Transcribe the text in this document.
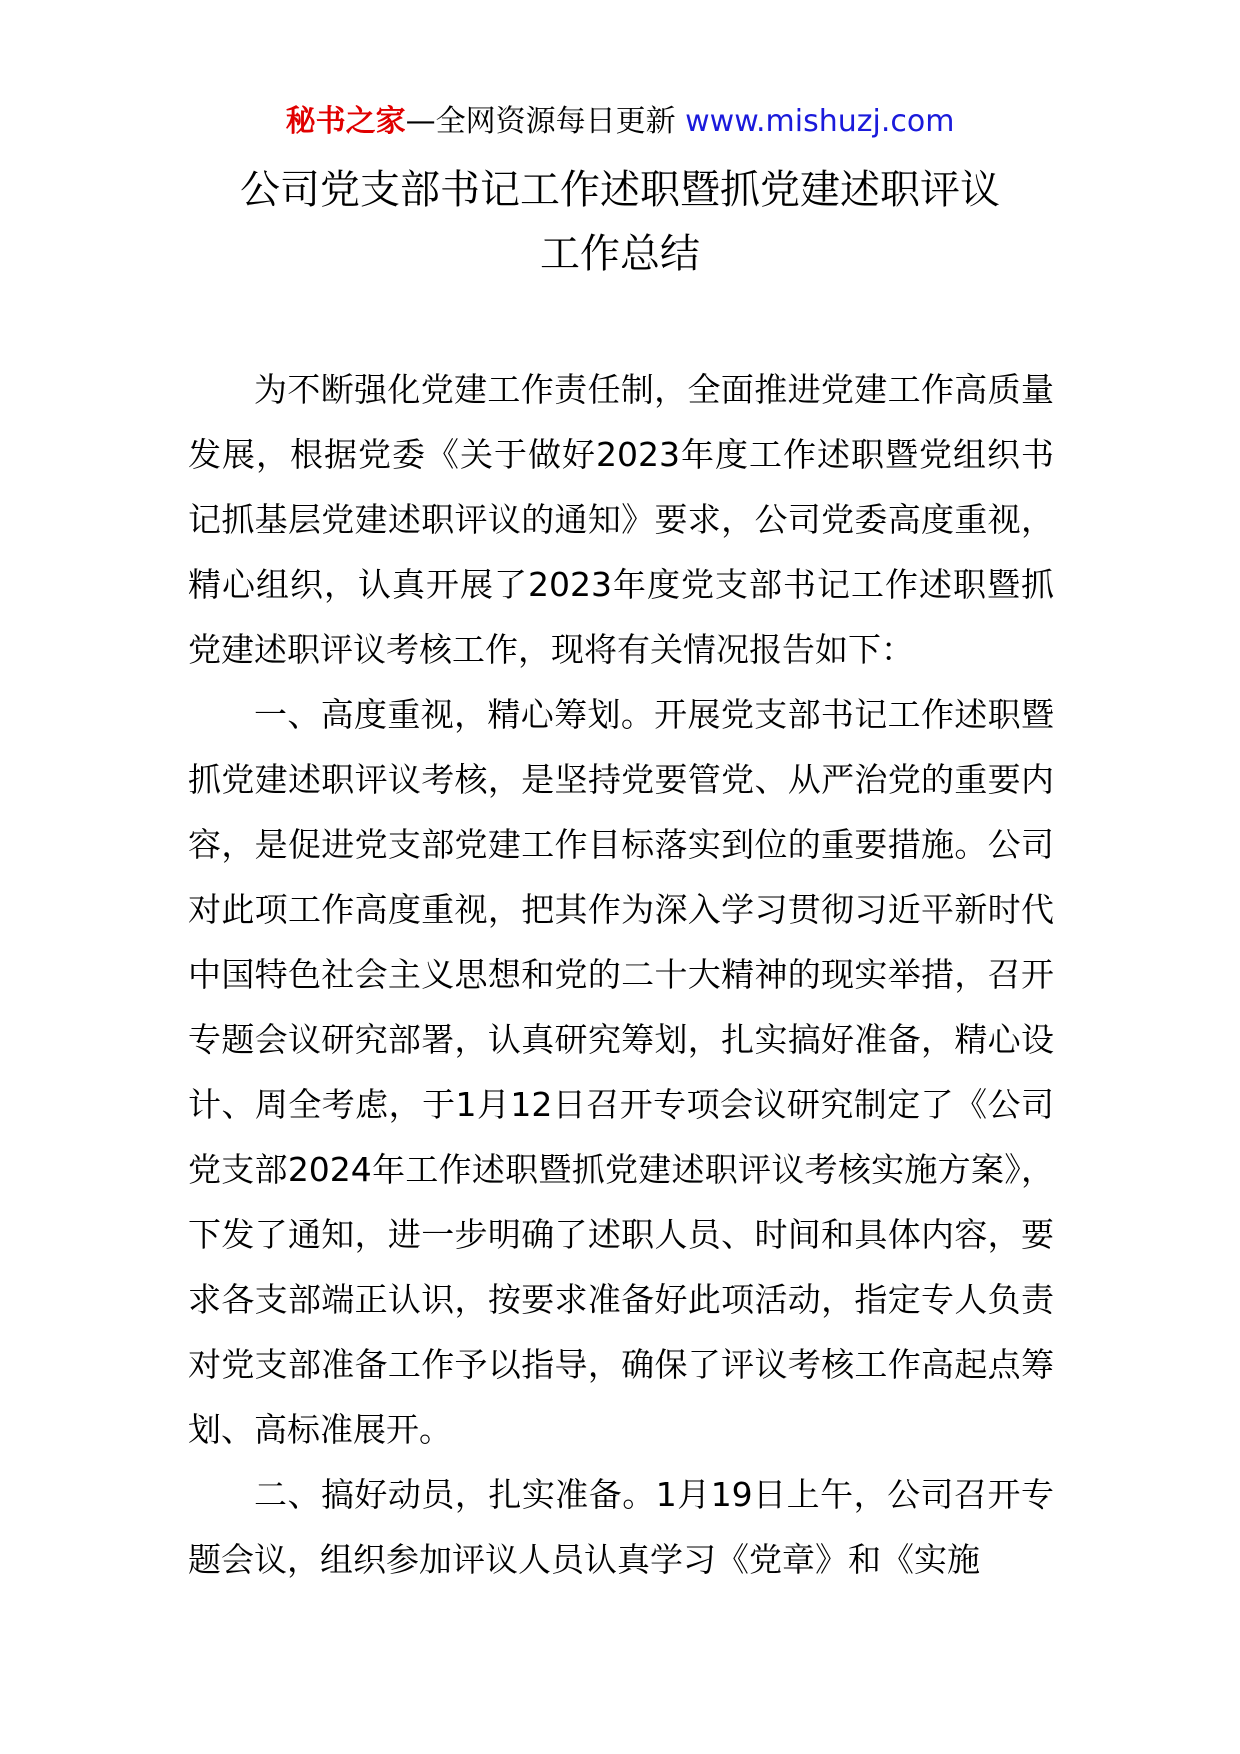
秘书之家—全网资源每日更新 www.mishuzj.com
公司党支部书记工作述职暨抓党建述职评议
工作总结

为不断强化党建工作责任制，全面推进党建工作高质量发展，根据党委《关于做好2023年度工作述职暨党组织书记抓基层党建述职评议的通知》要求，公司党委高度重视，精心组织，认真开展了2023年度党支部书记工作述职暨抓党建述职评议考核工作，现将有关情况报告如下：

一、高度重视，精心筹划。开展党支部书记工作述职暨抓党建述职评议考核，是坚持党要管党、从严治党的重要内容，是促进党支部党建工作目标落实到位的重要措施。公司对此项工作高度重视，把其作为深入学习贯彻习近平新时代中国特色社会主义思想和党的二十大精神的现实举措，召开专题会议研究部署，认真研究筹划，扎实搞好准备，精心设计、周全考虑，于1月12日召开专项会议研究制定了《公司党支部2024年工作述职暨抓党建述职评议考核实施方案》，下发了通知，进一步明确了述职人员、时间和具体内容，要求各支部端正认识，按要求准备好此项活动，指定专人负责对党支部准备工作予以指导，确保了评议考核工作高起点筹划、高标准展开。

二、搞好动员，扎实准备。1月19日上午，公司召开专题会议，组织参加评议人员认真学习《党章》和《实施
